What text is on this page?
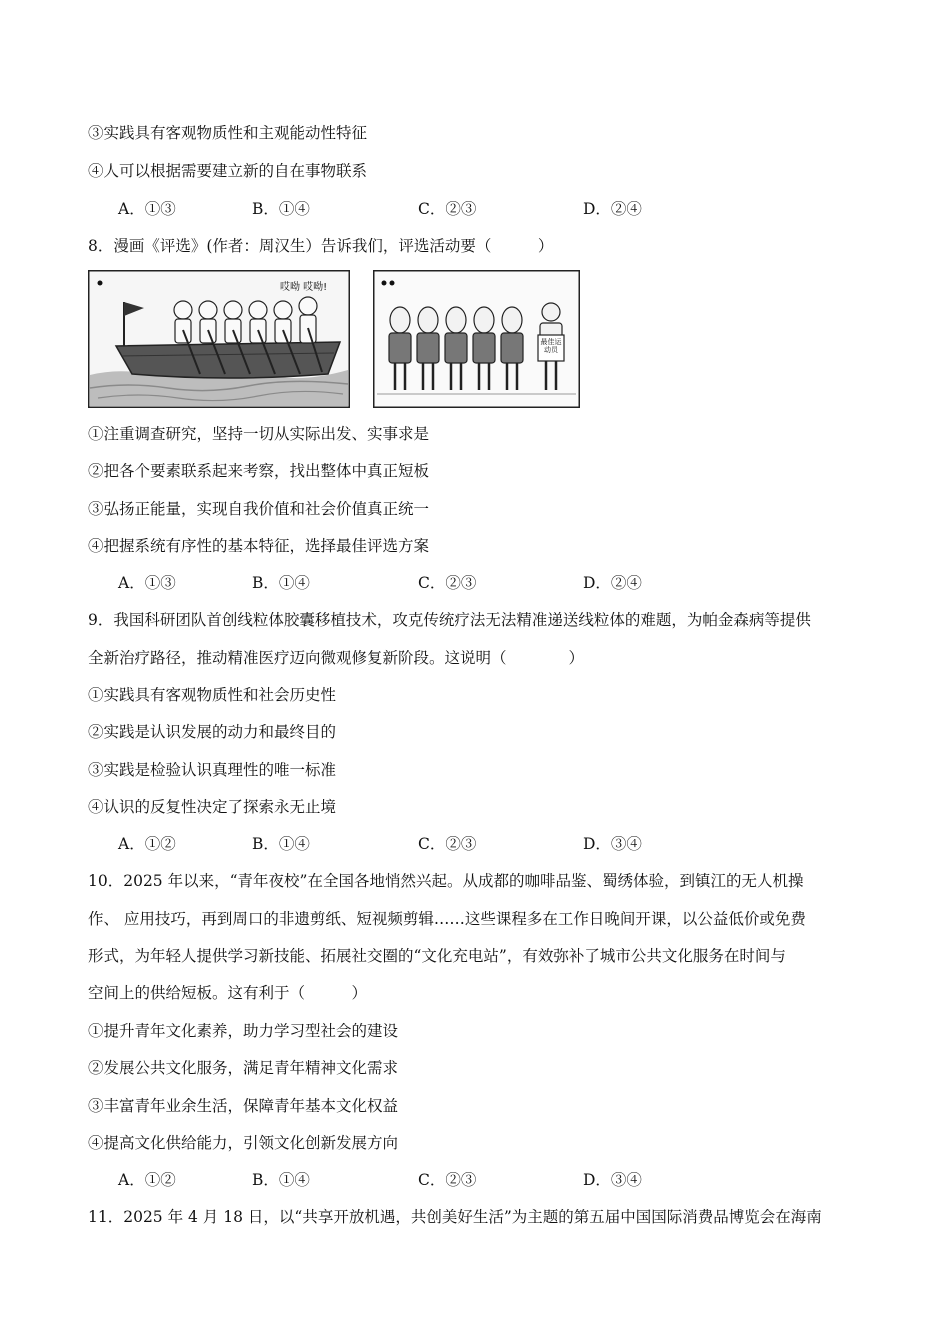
③实践具有客观物质性和主观能动性特征
④人可以根据需要建立新的自在事物联系
A．①③	B．①④	C．②③	D．②④
8．漫画《评选》(作者：周汉生）告诉我们，评选活动要（　　　）
哎呦 哎呦!
最佳运动员
①注重调查研究，坚持一切从实际出发、实事求是
②把各个要素联系起来考察，找出整体中真正短板
③弘扬正能量，实现自我价值和社会价值真正统一
④把握系统有序性的基本特征，选择最佳评选方案
A．①③	B．①④	C．②③	D．②④
9．我国科研团队首创线粒体胶囊移植技术，攻克传统疗法无法精准递送线粒体的难题，为帕金森病等提供
全新治疗路径，推动精准医疗迈向微观修复新阶段。这说明（　　　　）
①实践具有客观物质性和社会历史性
②实践是认识发展的动力和最终目的
③实践是检验认识真理性的唯一标准
④认识的反复性决定了探索永无止境
A．①②	B．①④	C．②③	D．③④
10．2025 年以来，“青年夜校”在全国各地悄然兴起。从成都的咖啡品鉴、蜀绣体验，到镇江的无人机操
作、 应用技巧，再到周口的非遗剪纸、短视频剪辑……这些课程多在工作日晚间开课，以公益低价或免费
形式，为年轻人提供学习新技能、拓展社交圈的“文化充电站”，有效弥补了城市公共文化服务在时间与
空间上的供给短板。这有利于（　　　）
①提升青年文化素养，助力学习型社会的建设
②发展公共文化服务，满足青年精神文化需求
③丰富青年业余生活，保障青年基本文化权益
④提高文化供给能力，引领文化创新发展方向
A．①②	B．①④	C．②③	D．③④
11．2025 年 4 月 18 日，以“共享开放机遇，共创美好生活”为主题的第五届中国国际消费品博览会在海南
